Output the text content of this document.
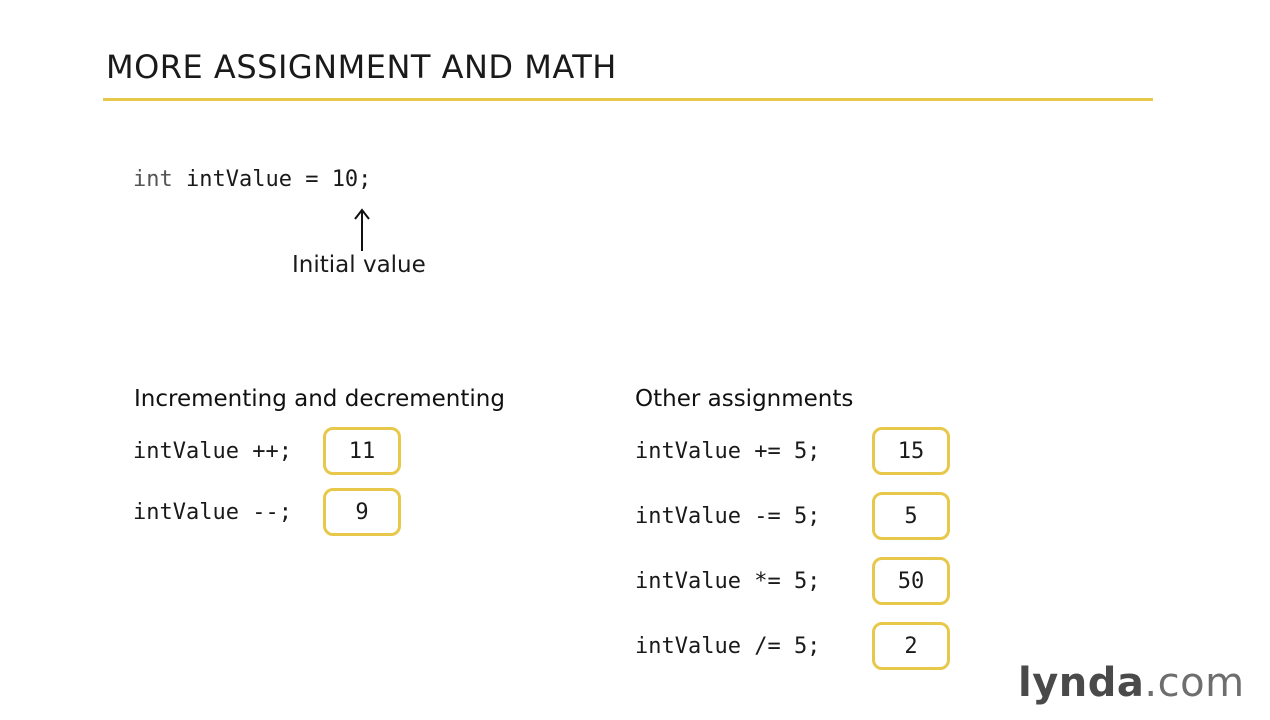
MORE ASSIGNMENT AND MATH
int intValue = 10;
Initial value
Incrementing and decrementing
intValue ++;	11
intValue --;	9
Other assignments
intValue += 5;	15
intValue -= 5;	5
intValue *= 5;	50
intValue /= 5;	2
lynda.com
